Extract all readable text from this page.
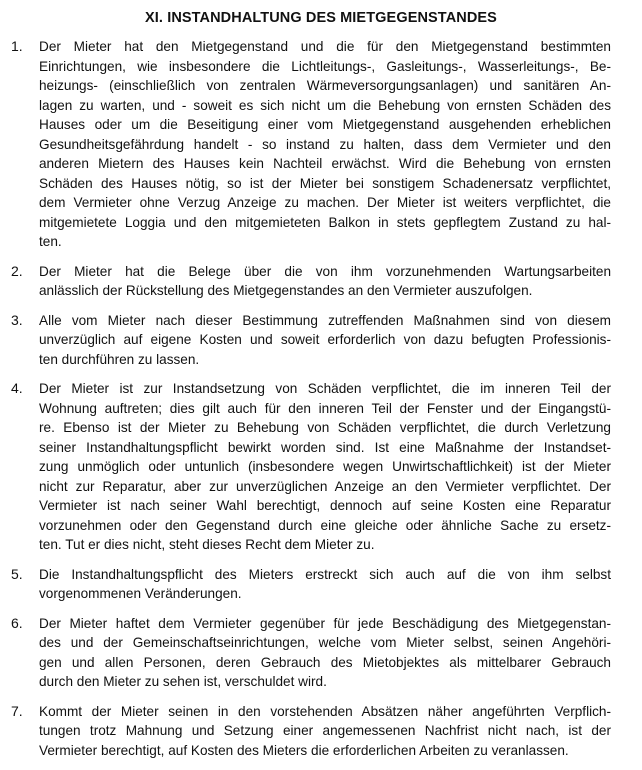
XI. INSTANDHALTUNG DES MIETGEGENSTANDES
1. Der Mieter hat den Mietgegenstand und die für den Mietgegenstand bestimmten
Einrichtungen, wie insbesondere die Lichtleitungs-, Gasleitungs-, Wasserleitungs-, Be-
heizungs- (einschließlich von zentralen Wärmeversorgungsanlagen) und sanitären An-
lagen zu warten, und - soweit es sich nicht um die Behebung von ernsten Schäden des
Hauses oder um die Beseitigung einer vom Mietgegenstand ausgehenden erheblichen
Gesundheitsgefährdung handelt - so instand zu halten, dass dem Vermieter und den
anderen Mietern des Hauses kein Nachteil erwächst. Wird die Behebung von ernsten
Schäden des Hauses nötig, so ist der Mieter bei sonstigem Schadenersatz verpflichtet,
dem Vermieter ohne Verzug Anzeige zu machen. Der Mieter ist weiters verpflichtet, die
mitgemietete Loggia und den mitgemieteten Balkon in stets gepflegtem Zustand zu hal-
ten.
2. Der Mieter hat die Belege über die von ihm vorzunehmenden Wartungsarbeiten
anlässlich der Rückstellung des Mietgegenstandes an den Vermieter auszufolgen.
3. Alle vom Mieter nach dieser Bestimmung zutreffenden Maßnahmen sind von diesem
unverzüglich auf eigene Kosten und soweit erforderlich von dazu befugten Professionis-
ten durchführen zu lassen.
4. Der Mieter ist zur Instandsetzung von Schäden verpflichtet, die im inneren Teil der
Wohnung auftreten; dies gilt auch für den inneren Teil der Fenster und der Eingangstü-
re. Ebenso ist der Mieter zu Behebung von Schäden verpflichtet, die durch Verletzung
seiner Instandhaltungspflicht bewirkt worden sind. Ist eine Maßnahme der Instandset-
zung unmöglich oder untunlich (insbesondere wegen Unwirtschaftlichkeit) ist der Mieter
nicht zur Reparatur, aber zur unverzüglichen Anzeige an den Vermieter verpflichtet. Der
Vermieter ist nach seiner Wahl berechtigt, dennoch auf seine Kosten eine Reparatur
vorzunehmen oder den Gegenstand durch eine gleiche oder ähnliche Sache zu ersetz-
ten. Tut er dies nicht, steht dieses Recht dem Mieter zu.
5. Die Instandhaltungspflicht des Mieters erstreckt sich auch auf die von ihm selbst
vorgenommenen Veränderungen.
6. Der Mieter haftet dem Vermieter gegenüber für jede Beschädigung des Mietgegenstan-
des und der Gemeinschaftseinrichtungen, welche vom Mieter selbst, seinen Angehöri-
gen und allen Personen, deren Gebrauch des Mietobjektes als mittelbarer Gebrauch
durch den Mieter zu sehen ist, verschuldet wird.
7. Kommt der Mieter seinen in den vorstehenden Absätzen näher angeführten Verpflich-
tungen trotz Mahnung und Setzung einer angemessenen Nachfrist nicht nach, ist der
Vermieter berechtigt, auf Kosten des Mieters die erforderlichen Arbeiten zu veranlassen.
